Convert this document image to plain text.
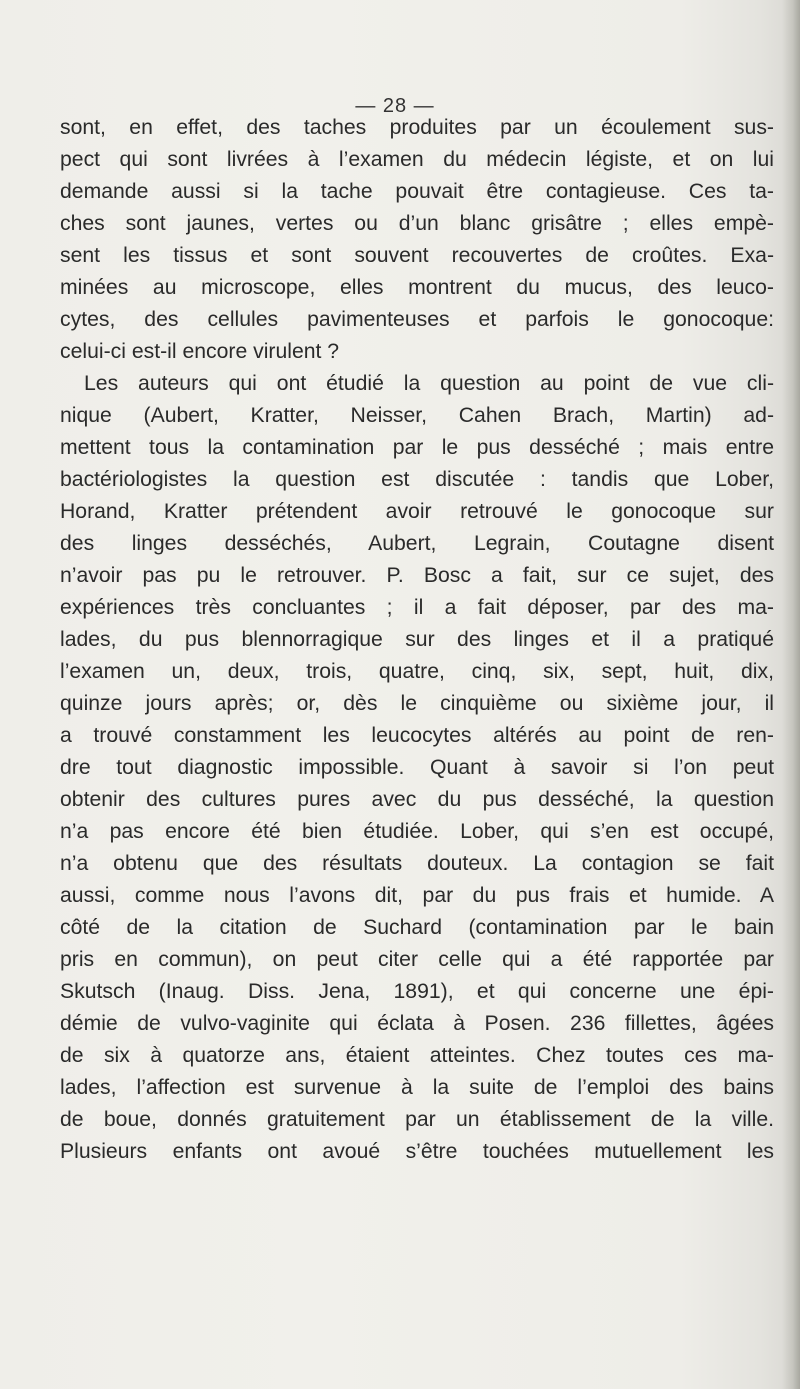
— 28 —
sont, en effet, des taches produites par un écoulement sus-
pect qui sont livrées à l’examen du médecin légiste, et on lui
demande aussi si la tache pouvait être contagieuse. Ces ta-
ches sont jaunes, vertes ou d’un blanc grisâtre ; elles empè-
sent les tissus et sont souvent recouvertes de croûtes. Exa-
minées au microscope, elles montrent du mucus, des leuco-
cytes, des cellules pavimenteuses et parfois le gonocoque:
celui-ci est-il encore virulent ?
Les auteurs qui ont étudié la question au point de vue cli-
nique (Aubert, Kratter, Neisser, Cahen Brach, Martin) ad-
mettent tous la contamination par le pus desséché ; mais entre
bactériologistes la question est discutée : tandis que Lober,
Horand, Kratter prétendent avoir retrouvé le gonocoque sur
des linges desséchés, Aubert, Legrain, Coutagne disent
n’avoir pas pu le retrouver. P. Bosc a fait, sur ce sujet, des
expériences très concluantes ; il a fait déposer, par des ma-
lades, du pus blennorragique sur des linges et il a pratiqué
l’examen un, deux, trois, quatre, cinq, six, sept, huit, dix,
quinze jours après; or, dès le cinquième ou sixième jour, il
a trouvé constamment les leucocytes altérés au point de ren-
dre tout diagnostic impossible. Quant à savoir si l’on peut
obtenir des cultures pures avec du pus desséché, la question
n’a pas encore été bien étudiée. Lober, qui s’en est occupé,
n’a obtenu que des résultats douteux. La contagion se fait
aussi, comme nous l’avons dit, par du pus frais et humide. A
côté de la citation de Suchard (contamination par le bain
pris en commun), on peut citer celle qui a été rapportée par
Skutsch (Inaug. Diss. Jena, 1891), et qui concerne une épi-
démie de vulvo-vaginite qui éclata à Posen. 236 fillettes, âgées
de six à quatorze ans, étaient atteintes. Chez toutes ces ma-
lades, l’affection est survenue à la suite de l’emploi des bains
de boue, donnés gratuitement par un établissement de la ville.
Plusieurs enfants ont avoué s’être touchées mutuellement les
